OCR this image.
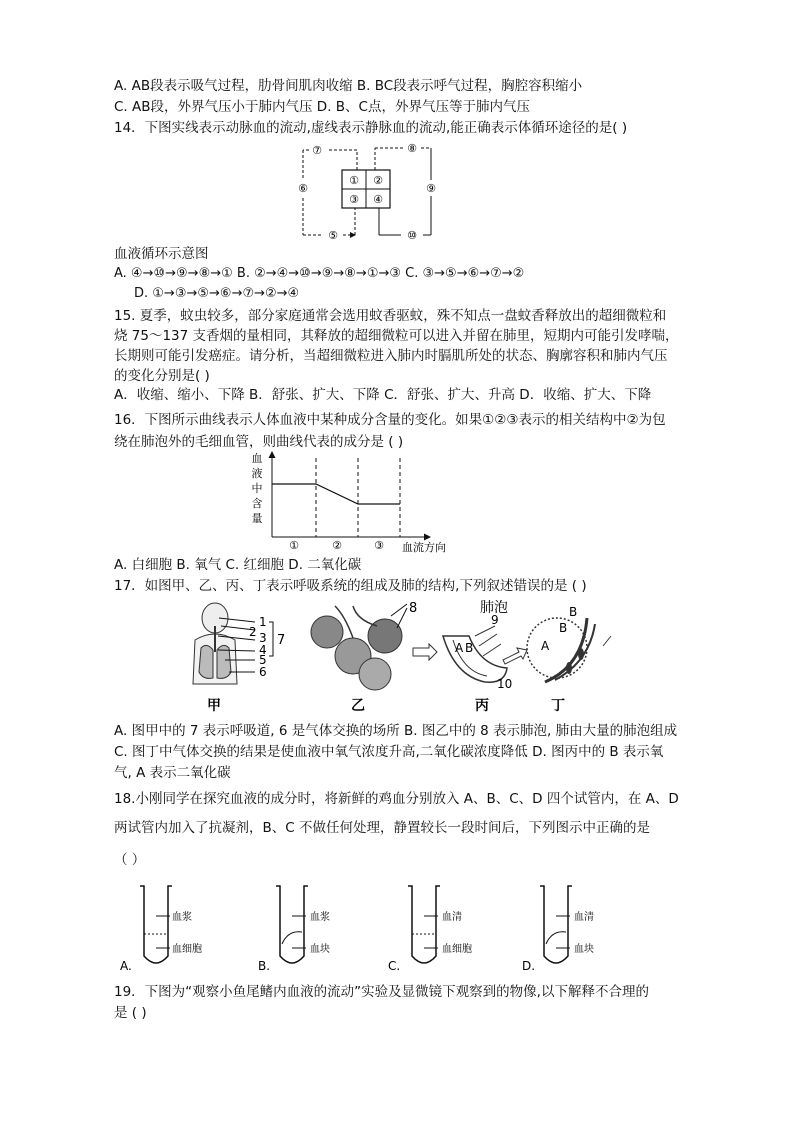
A. AB段表示吸气过程，肋骨间肌肉收缩 B. BC段表示呼气过程，胸腔容积缩小
C. AB段，外界气压小于肺内气压 D. B、C点，外界气压等于肺内气压
14．下图实线表示动脉血的流动,虚线表示静脉血的流动,能正确表示体循环途径的是( )
⑦	⑧
⑥	⑨
① ②
③ ④
⑤	⑩
血液循环示意图
A. ④→⑩→⑨→⑧→① B. ②→④→⑩→⑨→⑧→①→③ C. ③→⑤→⑥→⑦→②
D. ①→③→⑤→⑥→⑦→②→④
15. 夏季，蚊虫较多，部分家庭通常会选用蚊香驱蚊，殊不知点一盘蚊香释放出的超细微粒和
烧 75～137 支香烟的量相同，其释放的超细微粒可以进入并留在肺里，短期内可能引发哮喘，
长期则可能引发癌症。请分析，当超细微粒进入肺内时膈肌所处的状态、胸廓容积和肺内气压
的变化分别是( )
A．收缩、缩小、下降 B．舒张、扩大、下降 C．舒张、扩大、升高 D．收缩、扩大、下降
16．下图所示曲线表示人体血液中某种成分含量的变化。如果①②③表示的相关结构中②为包
绕在肺泡外的毛细血管，则曲线代表的成分是 ( )
血
液
中
含
量
①	②	③ 血流方向
A. 白细胞 B. 氧气 C. 红细胞 D. 二氧化碳
17．如图甲、乙、丙、丁表示呼吸系统的组成及肺的结构,下列叙述错误的是 ( )
1
2 3
4
5
6
7
甲
8
乙
A B
9
10
丙
肺泡	B
B
A
丁
A. 图甲中的 7 表示呼吸道, 6 是气体交换的场所 B. 图乙中的 8 表示肺泡, 肺由大量的肺泡组成
C. 图丁中气体交换的结果是使血液中氧气浓度升高,二氧化碳浓度降低 D. 图丙中的 B 表示氧
气, A 表示二氧化碳
18.小刚同学在探究血液的成分时，将新鲜的鸡血分别放入 A、B、C、D 四个试管内，在 A、D
两试管内加入了抗凝剂，B、C 不做任何处理，静置较长一段时间后，下列图示中正确的是
（ ）
血浆
血细胞
A.
血浆
血块
B.
血清
血细胞
C.
血清
血块
D.
19．下图为“观察小鱼尾鳍内血液的流动”实验及显微镜下观察到的物像,以下解释不合理的
是 ( )
